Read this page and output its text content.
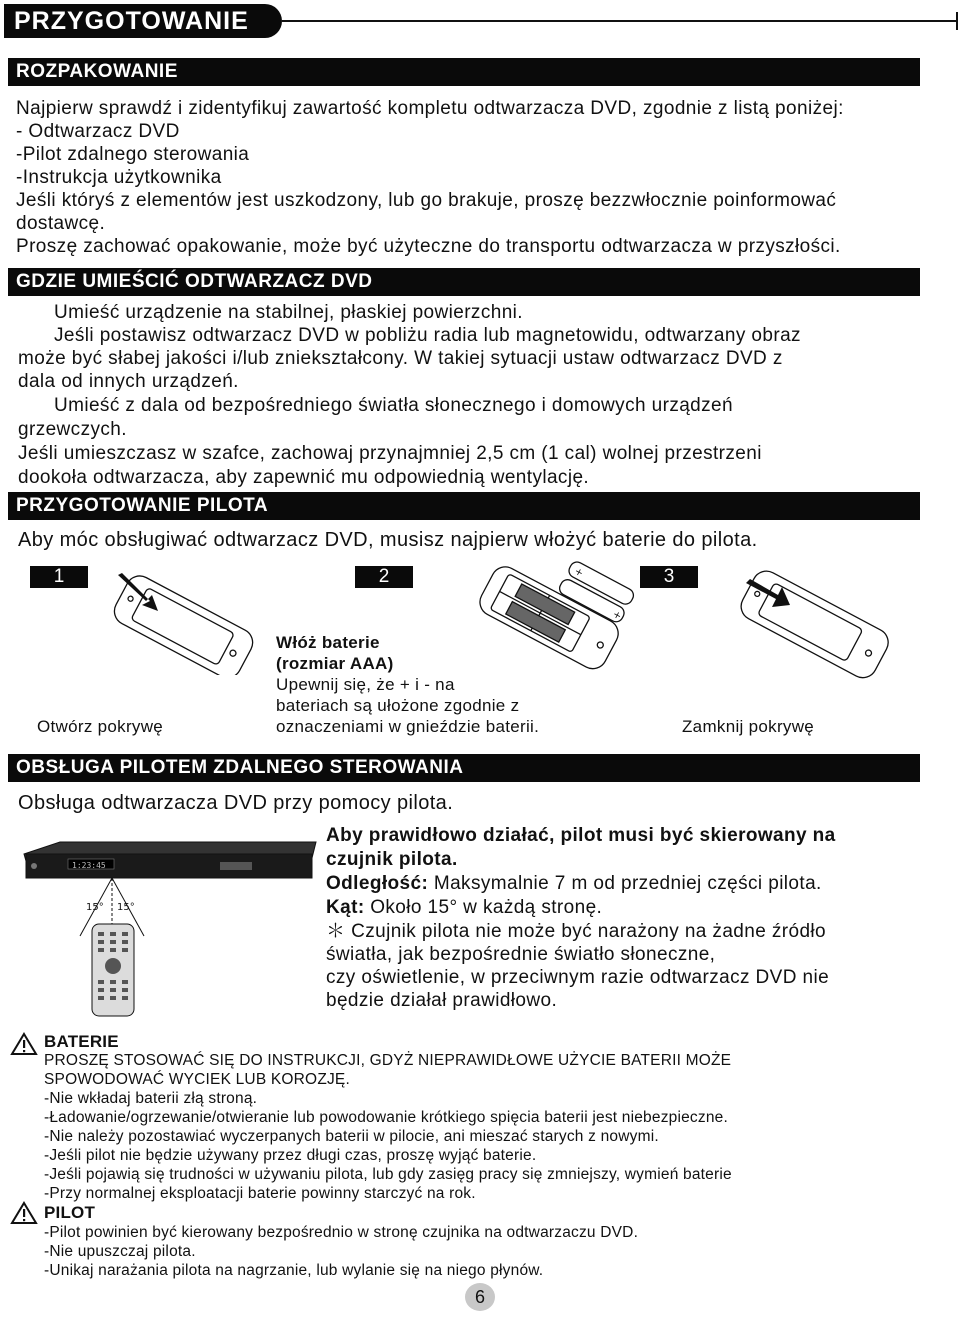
PRZYGOTOWANIE
ROZPAKOWANIE
Najpierw sprawdź i zidentyfikuj zawartość kompletu odtwarzacza DVD, zgodnie z listą poniżej:
- Odtwarzacz DVD
-Pilot zdalnego sterowania
-Instrukcja użytkownika
Jeśli któryś z elementów jest uszkodzony, lub go brakuje, proszę bezzwłocznie poinformować
dostawcę.
Proszę zachować opakowanie, może być użyteczne do transportu odtwarzacza w przyszłości.
GDZIE UMIEŚCIĆ ODTWARZACZ DVD
Umieść urządzenie na stabilnej, płaskiej powierzchni.
Jeśli postawisz odtwarzacz DVD w pobliżu radia lub magnetowidu, odtwarzany obraz
może być słabej jakości i/lub zniekształcony. W takiej sytuacji ustaw odtwarzacz DVD z
dala od innych urządzeń.
Umieść z dala od bezpośredniego światła słonecznego i domowych urządzeń
grzewczych.
Jeśli umieszczasz w szafce, zachowaj przynajmniej 2,5 cm (1 cal) wolnej przestrzeni
dookoła odtwarzacza, aby zapewnić mu odpowiednią wentylację.
PRZYGOTOWANIE PILOTA
Aby móc obsługiwać odtwarzacz DVD, musisz najpierw włożyć baterie do pilota.
1	2	3
Otwórz pokrywę
+
+
Włóż baterie
(rozmiar AAA)
Upewnij się, że + i - na
bateriach są ułożone zgodnie z
oznaczeniami w gnieździe baterii.	Zamknij pokrywę
OBSŁUGA PILOTEM ZDALNEGO STEROWANIA
Obsługa odtwarzacza DVD przy pomocy pilota.
1:23:45
15° 15°
Aby prawidłowo działać, pilot musi być skierowany na
czujnik pilota.
Odległość: Maksymalnie 7 m od przedniej części pilota.
Kąt: Około 15° w każdą stronę.
＊ Czujnik pilota nie może być narażony na żadne źródło
światła, jak bezpośrednie światło słoneczne,
czy oświetlenie, w przeciwnym razie odtwarzacz DVD nie
będzie działał prawidłowo.
BATERIE
PROSZĘ STOSOWAĆ SIĘ DO INSTRUKCJI, GDYŻ NIEPRAWIDŁOWE UŻYCIE BATERII MOŻE
SPOWODOWAĆ WYCIEK LUB KOROZJĘ.
-Nie wkładaj baterii złą stroną.
-Ładowanie/ogrzewanie/otwieranie lub powodowanie krótkiego spięcia baterii jest niebezpieczne.
-Nie należy pozostawiać wyczerpanych baterii w pilocie, ani mieszać starych z nowymi.
-Jeśli pilot nie będzie używany przez długi czas, proszę wyjąć baterie.
-Jeśli pojawią się trudności w używaniu pilota, lub gdy zasięg pracy się zmniejszy, wymień baterie
-Przy normalnej eksploatacji baterie powinny starczyć na rok.
PILOT
-Pilot powinien być kierowany bezpośrednio w stronę czujnika na odtwarzaczu DVD.
-Nie upuszczaj pilota.
-Unikaj narażania pilota na nagrzanie, lub wylanie się na niego płynów.
6
